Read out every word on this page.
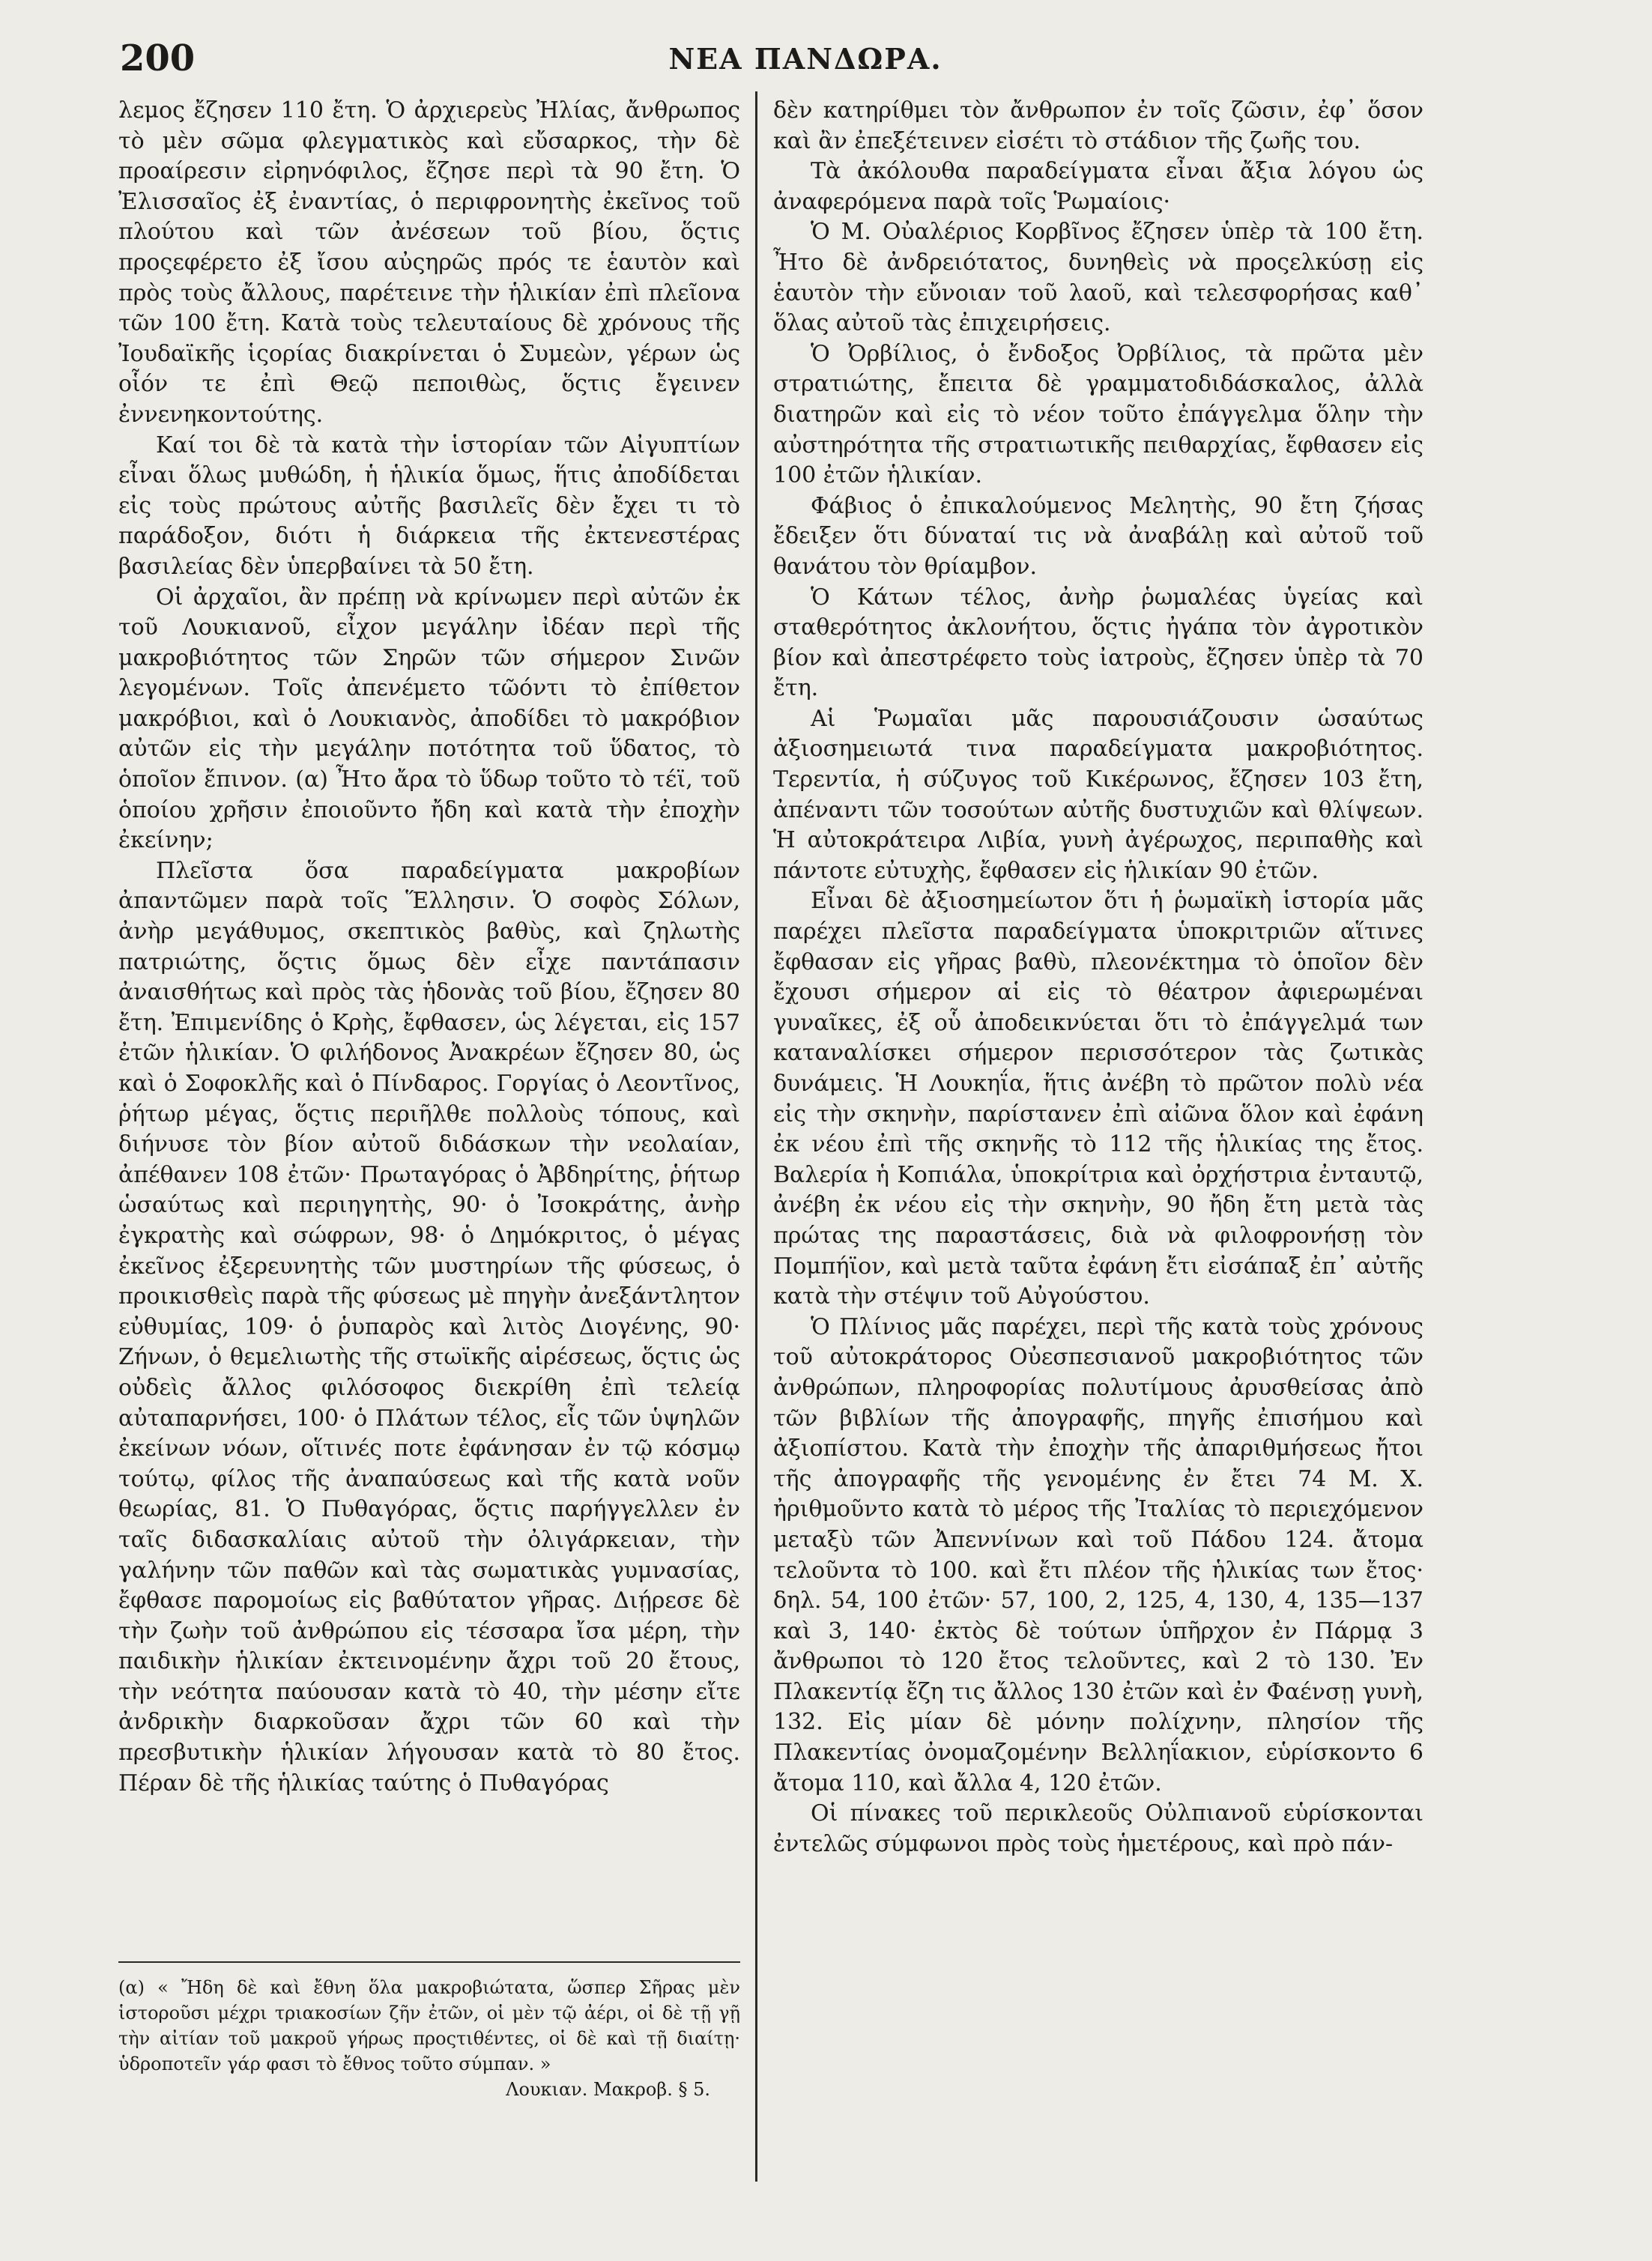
200	ΝΕΑ ΠΑΝΔΩΡΑ.

λεμος ἔζησεν 110 ἔτη. Ὁ ἀρχιερεὺς Ἠλίας, ἄνθρωπος τὸ μὲν σῶμα φλεγματικὸς καὶ εὔσαρκος, τὴν δὲ προαίρεσιν εἰρηνόφιλος, ἔζησε περὶ τὰ 90 ἔτη. Ὁ Ἐλισσαῖος ἐξ ἐναντίας, ὁ περιφρονητὴς ἐκεῖνος τοῦ πλούτου καὶ τῶν ἀνέσεων τοῦ βίου, ὅςτις προςεφέρετο ἐξ ἴσου αὐςηρῶς πρός τε ἑαυτὸν καὶ πρὸς τοὺς ἄλλους, παρέτεινε τὴν ἡλικίαν ἐπὶ πλεῖονα τῶν 100 ἔτη. Κατὰ τοὺς τελευταίους δὲ χρόνους τῆς Ἰουδαϊκῆς ἱςορίας διακρίνεται ὁ Συμεὼν, γέρων ὡς οἷόν τε ἐπὶ Θεῷ πεποιθὼς, ὅςτις ἔγεινεν ἐννενηκοντούτης.

Καί τοι δὲ τὰ κατὰ τὴν ἱστορίαν τῶν Αἰγυπτίων εἶναι ὅλως μυθώδη, ἡ ἡλικία ὅμως, ἥτις ἀποδίδεται εἰς τοὺς πρώτους αὐτῆς βασιλεῖς δὲν ἔχει τι τὸ παράδοξον, διότι ἡ διάρκεια τῆς ἐκτενεστέρας βασιλείας δὲν ὑπερβαίνει τὰ 50 ἔτη.

Οἱ ἀρχαῖοι, ἂν πρέπῃ νὰ κρίνωμεν περὶ αὐτῶν ἐκ τοῦ Λουκιανοῦ, εἶχον μεγάλην ἰδέαν περὶ τῆς μακροβιότητος τῶν Σηρῶν τῶν σήμερον Σινῶν λεγομένων. Τοῖς ἀπενέμετο τῶόντι τὸ ἐπίθετον μακρόβιοι, καὶ ὁ Λουκιανὸς, ἀποδίδει τὸ μακρόβιον αὐτῶν εἰς τὴν μεγάλην ποτότητα τοῦ ὕδατος, τὸ ὁποῖον ἔπινον. (α) Ἦτο ἄρα τὸ ὕδωρ τοῦτο τὸ τέϊ, τοῦ ὁποίου χρῆσιν ἐποιοῦντο ἤδη καὶ κατὰ τὴν ἐποχὴν ἐκείνην;

Πλεῖστα ὅσα παραδείγματα μακροβίων ἀπαντῶμεν παρὰ τοῖς Ἕλλησιν. Ὁ σοφὸς Σόλων, ἀνὴρ μεγάθυμος, σκεπτικὸς βαθὺς, καὶ ζηλωτὴς πατριώτης, ὅςτις ὅμως δὲν εἶχε παντάπασιν ἀναισθήτως καὶ πρὸς τὰς ἡδονὰς τοῦ βίου, ἔζησεν 80 ἔτη. Ἐπιμενίδης ὁ Κρὴς, ἔφθασεν, ὡς λέγεται, εἰς 157 ἐτῶν ἡλικίαν. Ὁ φιλήδονος Ἀνακρέων ἔζησεν 80, ὡς καὶ ὁ Σοφοκλῆς καὶ ὁ Πίνδαρος. Γοργίας ὁ Λεοντῖνος, ῥήτωρ μέγας, ὅςτις περιῆλθε πολλοὺς τόπους, καὶ διήνυσε τὸν βίον αὐτοῦ διδάσκων τὴν νεολαίαν, ἀπέθανεν 108 ἐτῶν· Πρωταγόρας ὁ Ἀβδηρίτης, ῥήτωρ ὡσαύτως καὶ περιηγητὴς, 90· ὁ Ἰσοκράτης, ἀνὴρ ἐγκρατὴς καὶ σώφρων, 98· ὁ Δημόκριτος, ὁ μέγας ἐκεῖνος ἐξερευνητὴς τῶν μυστηρίων τῆς φύσεως, ὁ προικισθεὶς παρὰ τῆς φύσεως μὲ πηγὴν ἀνεξάντλητον εὐθυμίας, 109· ὁ ῥυπαρὸς καὶ λιτὸς Διογένης, 90· Ζήνων, ὁ θεμελιωτὴς τῆς στωϊκῆς αἱρέσεως, ὅςτις ὡς οὐδεὶς ἄλλος φιλόσοφος διεκρίθη ἐπὶ τελείᾳ αὐταπαρνήσει, 100· ὁ Πλάτων τέλος, εἷς τῶν ὑψηλῶν ἐκείνων νόων, οἵτινές ποτε ἐφάνησαν ἐν τῷ κόσμῳ τούτῳ, φίλος τῆς ἀναπαύσεως καὶ τῆς κατὰ νοῦν θεωρίας, 81. Ὁ Πυθαγόρας, ὅςτις παρήγγελλεν ἐν ταῖς διδασκαλίαις αὐτοῦ τὴν ὀλιγάρκειαν, τὴν γαλήνην τῶν παθῶν καὶ τὰς σωματικὰς γυμνασίας, ἔφθασε παρομοίως εἰς βαθύτατον γῆρας. Διῄρεσε δὲ τὴν ζωὴν τοῦ ἀνθρώπου εἰς τέσσαρα ἴσα μέρη, τὴν παιδικὴν ἡλικίαν ἐκτεινομένην ἄχρι τοῦ 20 ἔτους, τὴν νεότητα παύουσαν κατὰ τὸ 40, τὴν μέσην εἴτε ἀνδρικὴν διαρκοῦσαν ἄχρι τῶν 60 καὶ τὴν πρεσβυτικὴν ἡλικίαν λήγουσαν κατὰ τὸ 80 ἔτος. Πέραν δὲ τῆς ἡλικίας ταύτης ὁ Πυθαγόρας

δὲν κατηρίθμει τὸν ἄνθρωπον ἐν τοῖς ζῶσιν, ἐφ᾽ ὅσον καὶ ἂν ἐπεξέτεινεν εἰσέτι τὸ στάδιον τῆς ζωῆς του.

Τὰ ἀκόλουθα παραδείγματα εἶναι ἄξια λόγου ὡς ἀναφερόμενα παρὰ τοῖς Ῥωμαίοις·

Ὁ Μ. Οὐαλέριος Κορβῖνος ἔζησεν ὑπὲρ τὰ 100 ἔτη. Ἦτο δὲ ἀνδρειότατος, δυνηθεὶς νὰ προςελκύσῃ εἰς ἑαυτὸν τὴν εὔνοιαν τοῦ λαοῦ, καὶ τελεσφορήσας καθ᾽ ὅλας αὐτοῦ τὰς ἐπιχειρήσεις.

Ὁ Ὀρβίλιος, ὁ ἔνδοξος Ὀρβίλιος, τὰ πρῶτα μὲν στρατιώτης, ἔπειτα δὲ γραμματοδιδάσκαλος, ἀλλὰ διατηρῶν καὶ εἰς τὸ νέον τοῦτο ἐπάγγελμα ὅλην τὴν αὐστηρότητα τῆς στρατιωτικῆς πειθαρχίας, ἔφθασεν εἰς 100 ἐτῶν ἡλικίαν.

Φάβιος ὁ ἐπικαλούμενος Μελητὴς, 90 ἔτη ζήσας ἔδειξεν ὅτι δύναταί τις νὰ ἀναβάλῃ καὶ αὐτοῦ τοῦ θανάτου τὸν θρίαμβον.

Ὁ Κάτων τέλος, ἀνὴρ ῥωμαλέας ὑγείας καὶ σταθερότητος ἀκλονήτου, ὅςτις ἠγάπα τὸν ἀγροτικὸν βίον καὶ ἀπεστρέφετο τοὺς ἰατροὺς, ἔζησεν ὑπὲρ τὰ 70 ἔτη.

Αἱ Ῥωμαῖαι μᾶς παρουσιάζουσιν ὡσαύτως ἀξιοσημειωτά τινα παραδείγματα μακροβιότητος. Τερεντία, ἡ σύζυγος τοῦ Κικέρωνος, ἔζησεν 103 ἔτη, ἀπέναντι τῶν τοσούτων αὐτῆς δυστυχιῶν καὶ θλίψεων. Ἡ αὐτοκράτειρα Λιβία, γυνὴ ἀγέρωχος, περιπαθὴς καὶ πάντοτε εὐτυχὴς, ἔφθασεν εἰς ἡλικίαν 90 ἐτῶν.

Εἶναι δὲ ἀξιοσημείωτον ὅτι ἡ ῥωμαϊκὴ ἱστορία μᾶς παρέχει πλεῖστα παραδείγματα ὑποκριτριῶν αἵτινες ἔφθασαν εἰς γῆρας βαθὺ, πλεονέκτημα τὸ ὁποῖον δὲν ἔχουσι σήμερον αἱ εἰς τὸ θέατρον ἀφιερωμέναι γυναῖκες, ἐξ οὗ ἀποδεικνύεται ὅτι τὸ ἐπάγγελμά των καταναλίσκει σήμερον περισσότερον τὰς ζωτικὰς δυνάμεις. Ἡ Λουκηΐα, ἥτις ἀνέβη τὸ πρῶτον πολὺ νέα εἰς τὴν σκηνὴν, παρίστανεν ἐπὶ αἰῶνα ὅλον καὶ ἐφάνη ἐκ νέου ἐπὶ τῆς σκηνῆς τὸ 112 τῆς ἡλικίας της ἔτος. Βαλερία ἡ Κοπιάλα, ὑποκρίτρια καὶ ὀρχήστρια ἐνταυτῷ, ἀνέβη ἐκ νέου εἰς τὴν σκηνὴν, 90 ἤδη ἔτη μετὰ τὰς πρώτας της παραστάσεις, διὰ νὰ φιλοφρονήσῃ τὸν Πομπήϊον, καὶ μετὰ ταῦτα ἐφάνη ἔτι εἰσάπαξ ἐπ᾽ αὐτῆς κατὰ τὴν στέψιν τοῦ Αὐγούστου.

Ὁ Πλίνιος μᾶς παρέχει, περὶ τῆς κατὰ τοὺς χρόνους τοῦ αὐτοκράτορος Οὐεσπεσιανοῦ μακροβιότητος τῶν ἀνθρώπων, πληροφορίας πολυτίμους ἀρυσθείσας ἀπὸ τῶν βιβλίων τῆς ἀπογραφῆς, πηγῆς ἐπισήμου καὶ ἀξιοπίστου. Κατὰ τὴν ἐποχὴν τῆς ἀπαριθμήσεως ἤτοι τῆς ἀπογραφῆς τῆς γενομένης ἐν ἔτει 74 Μ. Χ. ἠριθμοῦντο κατὰ τὸ μέρος τῆς Ἰταλίας τὸ περιεχόμενον μεταξὺ τῶν Ἀπεννίνων καὶ τοῦ Πάδου 124. ἄτομα τελοῦντα τὸ 100. καὶ ἔτι πλέον τῆς ἡλικίας των ἔτος· δηλ. 54, 100 ἐτῶν· 57, 100, 2, 125, 4, 130, 4, 135—137 καὶ 3, 140· ἐκτὸς δὲ τούτων ὑπῆρχον ἐν Πάρμᾳ 3 ἄνθρωποι τὸ 120 ἔτος τελοῦντες, καὶ 2 τὸ 130. Ἐν Πλακεντίᾳ ἔζη τις ἄλλος 130 ἐτῶν καὶ ἐν Φαένσῃ γυνὴ, 132. Εἰς μίαν δὲ μόνην πολίχνην, πλησίον τῆς Πλακεντίας ὀνομαζομένην Βελληΐακιον, εὑρίσκοντο 6 ἄτομα 110, καὶ ἄλλα 4, 120 ἐτῶν.

Οἱ πίνακες τοῦ περικλεοῦς Οὐλπιανοῦ εὑρίσκονται ἐντελῶς σύμφωνοι πρὸς τοὺς ἡμετέρους, καὶ πρὸ πάν-

(α) « Ἤδη δὲ καὶ ἔθνη ὅλα μακροβιώτατα, ὥσπερ Σῆρας μὲν ἱστοροῦσι μέχρι τριακοσίων ζῆν ἐτῶν, οἱ μὲν τῷ ἀέρι, οἱ δὲ τῇ γῇ τὴν αἰτίαν τοῦ μακροῦ γήρως προςτιθέντες, οἱ δὲ καὶ τῇ διαίτῃ· ὑδροποτεῖν γάρ φασι τὸ ἔθνος τοῦτο σύμπαν. »
Λουκιαν. Μακροβ. § 5.
